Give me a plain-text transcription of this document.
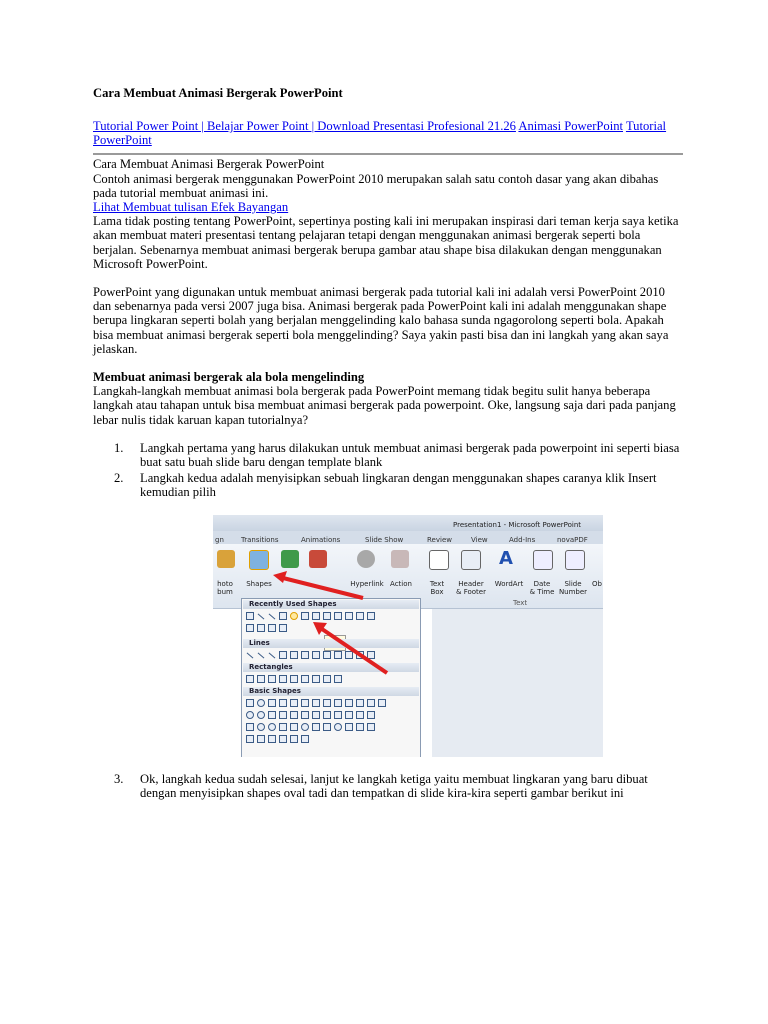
Cara Membuat Animasi Bergerak PowerPoint
Tutorial Power Point | Belajar Power Point | Download Presentasi Profesional 21.26 Animasi PowerPoint Tutorial PowerPoint

Cara Membuat Animasi Bergerak PowerPoint

Contoh animasi bergerak menggunakan PowerPoint 2010 merupakan salah satu contoh dasar yang akan dibahas pada tutorial membuat animasi ini.

Lihat Membuat tulisan Efek Bayangan

Lama tidak posting tentang PowerPoint, sepertinya posting kali ini merupakan inspirasi dari teman kerja saya ketika akan membuat materi presentasi tentang pelajaran tetapi dengan menggunakan animasi bergerak seperti bola berjalan. Sebenarnya membuat animasi bergerak berupa gambar atau shape bisa dilakukan dengan menggunakan Microsoft PowerPoint.

PowerPoint yang digunakan untuk membuat animasi bergerak pada tutorial kali ini adalah versi PowerPoint 2010 dan sebenarnya pada versi 2007 juga bisa. Animasi bergerak pada PowerPoint kali ini adalah menggunakan shape berupa lingkaran seperti bolah yang berjalan menggelinding kalo bahasa sunda ngagorolong seperti bola. Apakah bisa membuat animasi bergerak seperti bola menggelinding? Saya yakin pasti bisa dan ini langkah yang akan saya jelaskan.

Membuat animasi bergerak ala bola mengelinding

Langkah-langkah membuat animasi bola bergerak pada PowerPoint memang tidak begitu sulit hanya beberapa langkah atau tahapan untuk bisa membuat animasi bergerak pada powerpoint. Oke, langsung saja dari pada panjang lebar nulis tidak karuan kapan tutorialnya?

1. Langkah pertama yang harus dilakukan untuk membuat animasi bergerak pada powerpoint ini seperti biasa buat satu buah slide baru dengan template blank
2. Langkah kedua adalah menyisipkan sebuah lingkaran dengan menggunakan shapes caranya klik Insert kemudian pilih
Presentation1 - Microsoft PowerPoint
gn Transitions	Animations	Slide Show	Review	View	Add-Ins	novaPDF
hoto bum
Shapes	Hyperlink Action	Text
Box
Header
& Footer
A
WordArt	Date
& Time
Slide
Number
Ob
Text
Recently Used Shapes
Lines
Rectangles
Basic Shapes
3. Ok, langkah kedua sudah selesai, lanjut ke langkah ketiga yaitu membuat lingkaran yang baru dibuat dengan menyisipkan shapes oval tadi dan tempatkan di slide kira-kira seperti gambar berikut ini
